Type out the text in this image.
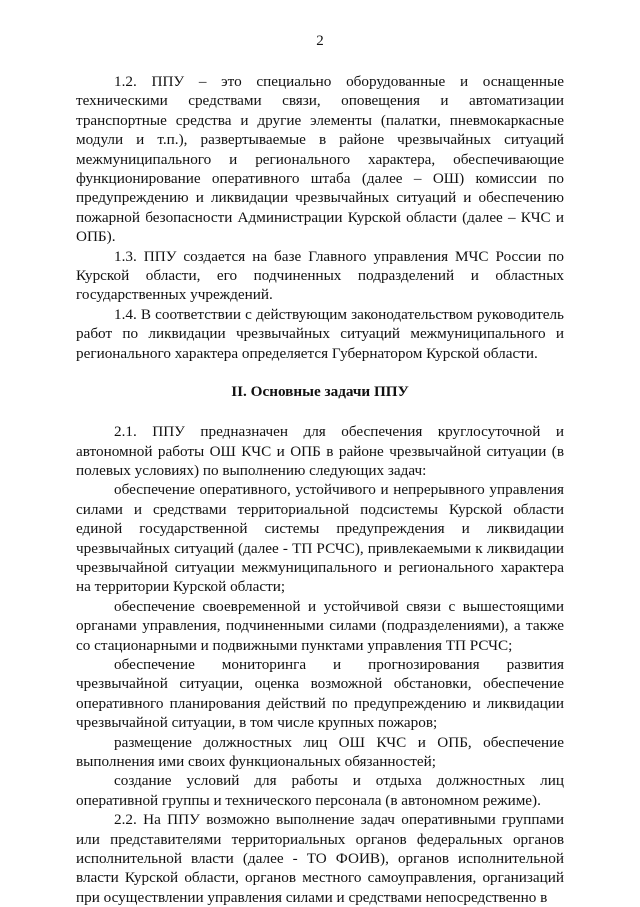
2

1.2. ППУ – это специально оборудованные и оснащенные техническими средствами связи, оповещения и автоматизации транспортные средства и другие элементы (палатки, пневмокаркасные модули и т.п.), развертываемые в районе чрезвычайных ситуаций межмуниципального и регионального характера, обеспечивающие функционирование оперативного штаба (далее – ОШ) комиссии по предупреждению и ликвидации чрезвычайных ситуаций и обеспечению пожарной безопасности Администрации Курской области (далее – КЧС и ОПБ).

1.3. ППУ создается на базе Главного управления МЧС России по Курской области, его подчиненных подразделений и областных государственных учреждений.

1.4. В соответствии с действующим законодательством руководитель работ по ликвидации чрезвычайных ситуаций межмуниципального и регионального характера определяется Губернатором Курской области.

II. Основные задачи ППУ

2.1. ППУ предназначен для обеспечения круглосуточной и автономной работы ОШ КЧС и ОПБ в районе чрезвычайной ситуации (в полевых условиях) по выполнению следующих задач:

обеспечение оперативного, устойчивого и непрерывного управления силами и средствами территориальной подсистемы Курской области единой государственной системы предупреждения и ликвидации чрезвычайных ситуаций (далее - ТП РСЧС), привлекаемыми к ликвидации чрезвычайной ситуации межмуниципального и регионального характера на территории Курской области;

обеспечение своевременной и устойчивой связи с вышестоящими органами управления, подчиненными силами (подразделениями), а также со стационарными и подвижными пунктами управления ТП РСЧС;

обеспечение мониторинга и прогнозирования развития чрезвычайной ситуации, оценка возможной обстановки, обеспечение оперативного планирования действий по предупреждению и ликвидации чрезвычайной ситуации, в том числе крупных пожаров;

размещение должностных лиц ОШ КЧС и ОПБ, обеспечение выполнения ими своих функциональных обязанностей;

создание условий для работы и отдыха должностных лиц оперативной группы и технического персонала (в автономном режиме).

2.2. На ППУ возможно выполнение задач оперативными группами или представителями территориальных органов федеральных органов исполнительной власти (далее - ТО ФОИВ), органов исполнительной власти Курской области, органов местного самоуправления, организаций при осуществлении управления силами и средствами непосредственно в
